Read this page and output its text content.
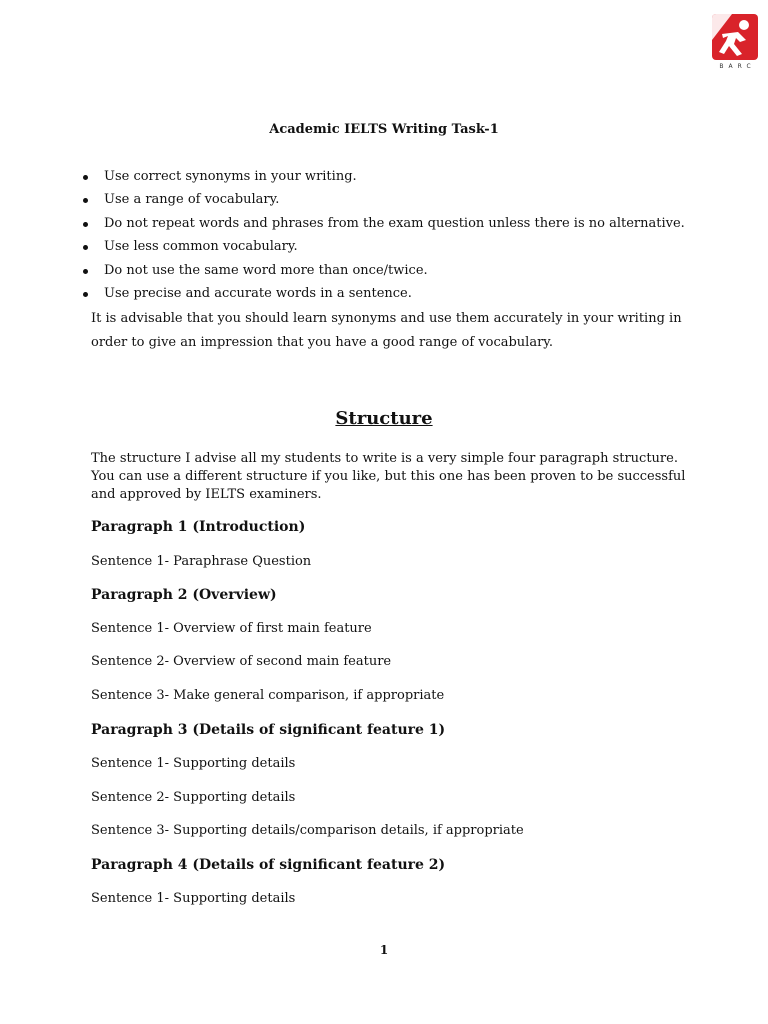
BARC
Academic IELTS Writing Task-1
Use correct synonyms in your writing.
Use a range of vocabulary.
Do not repeat words and phrases from the exam question unless there is no alternative.
Use less common vocabulary.
Do not use the same word more than once/twice.
Use precise and accurate words in a sentence.
It is advisable that you should learn synonyms and use them accurately in your writing in
order to give an impression that you have a good range of vocabulary.
Structure

The structure I advise all my students to write is a very simple four paragraph structure.

You can use a different structure if you like, but this one has been proven to be successful

and approved by IELTS examiners.

Paragraph 1 (Introduction)
Sentence 1- Paraphrase Question
Paragraph 2 (Overview)
Sentence 1- Overview of first main feature
Sentence 2- Overview of second main feature
Sentence 3- Make general comparison, if appropriate
Paragraph 3 (Details of significant feature 1)
Sentence 1- Supporting details
Sentence 2- Supporting details
Sentence 3- Supporting details/comparison details, if appropriate
Paragraph 4 (Details of significant feature 2)
Sentence 1- Supporting details
1
